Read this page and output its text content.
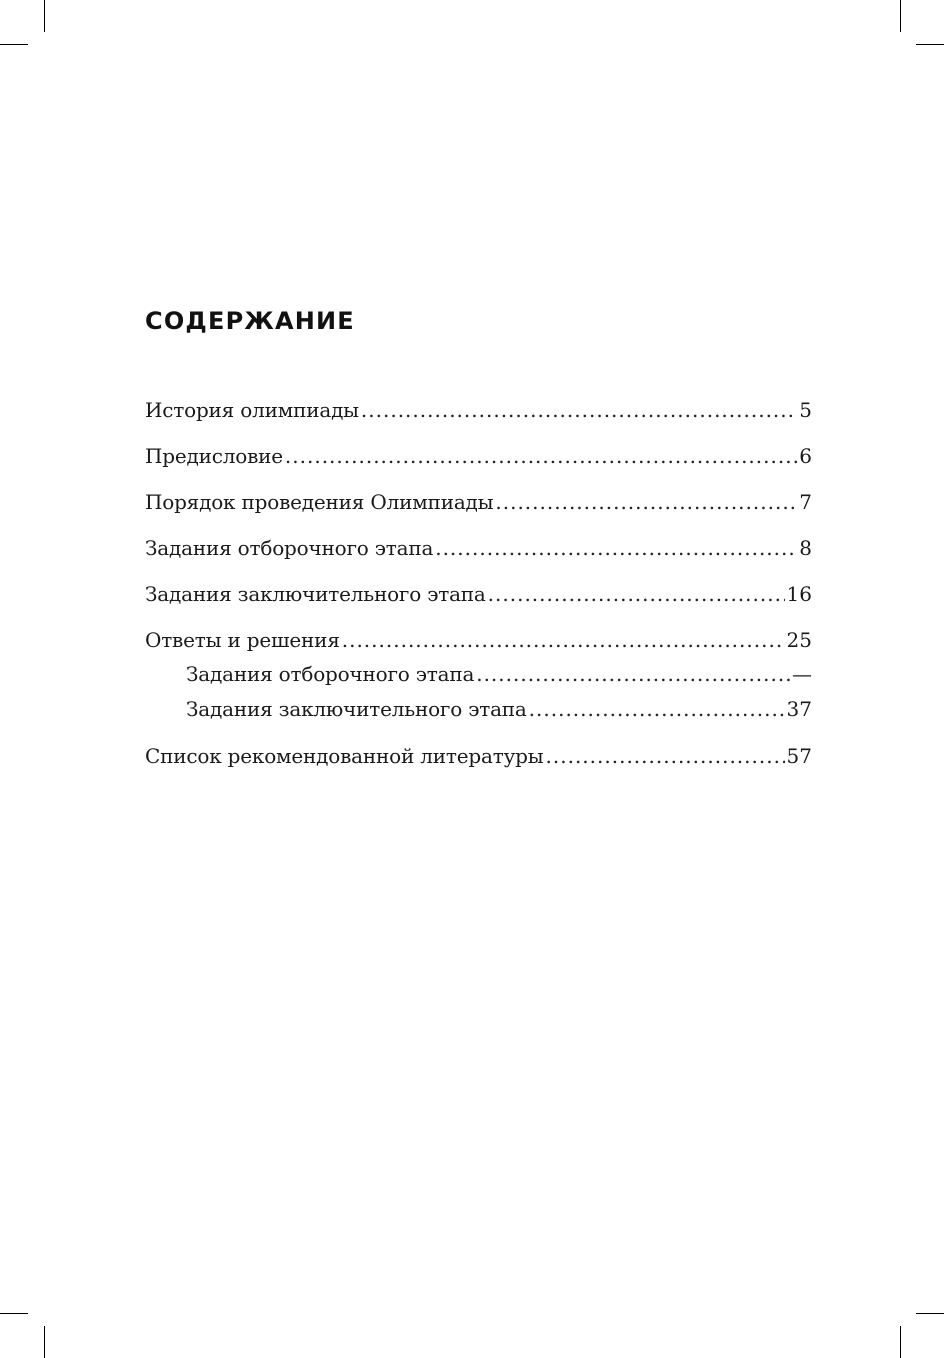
СОДЕРЖАНИЕ
История олимпиады .....	5
Предисловие .....	6
Порядок проведения Олимпиады .....	7
Задания отборочного этапа .....	8
Задания заключительного этапа .....	16
Ответы и решения .....	25
Задания отборочного этапа .....	—
Задания заключительного этапа .....	37
Список рекомендованной литературы .....	57
